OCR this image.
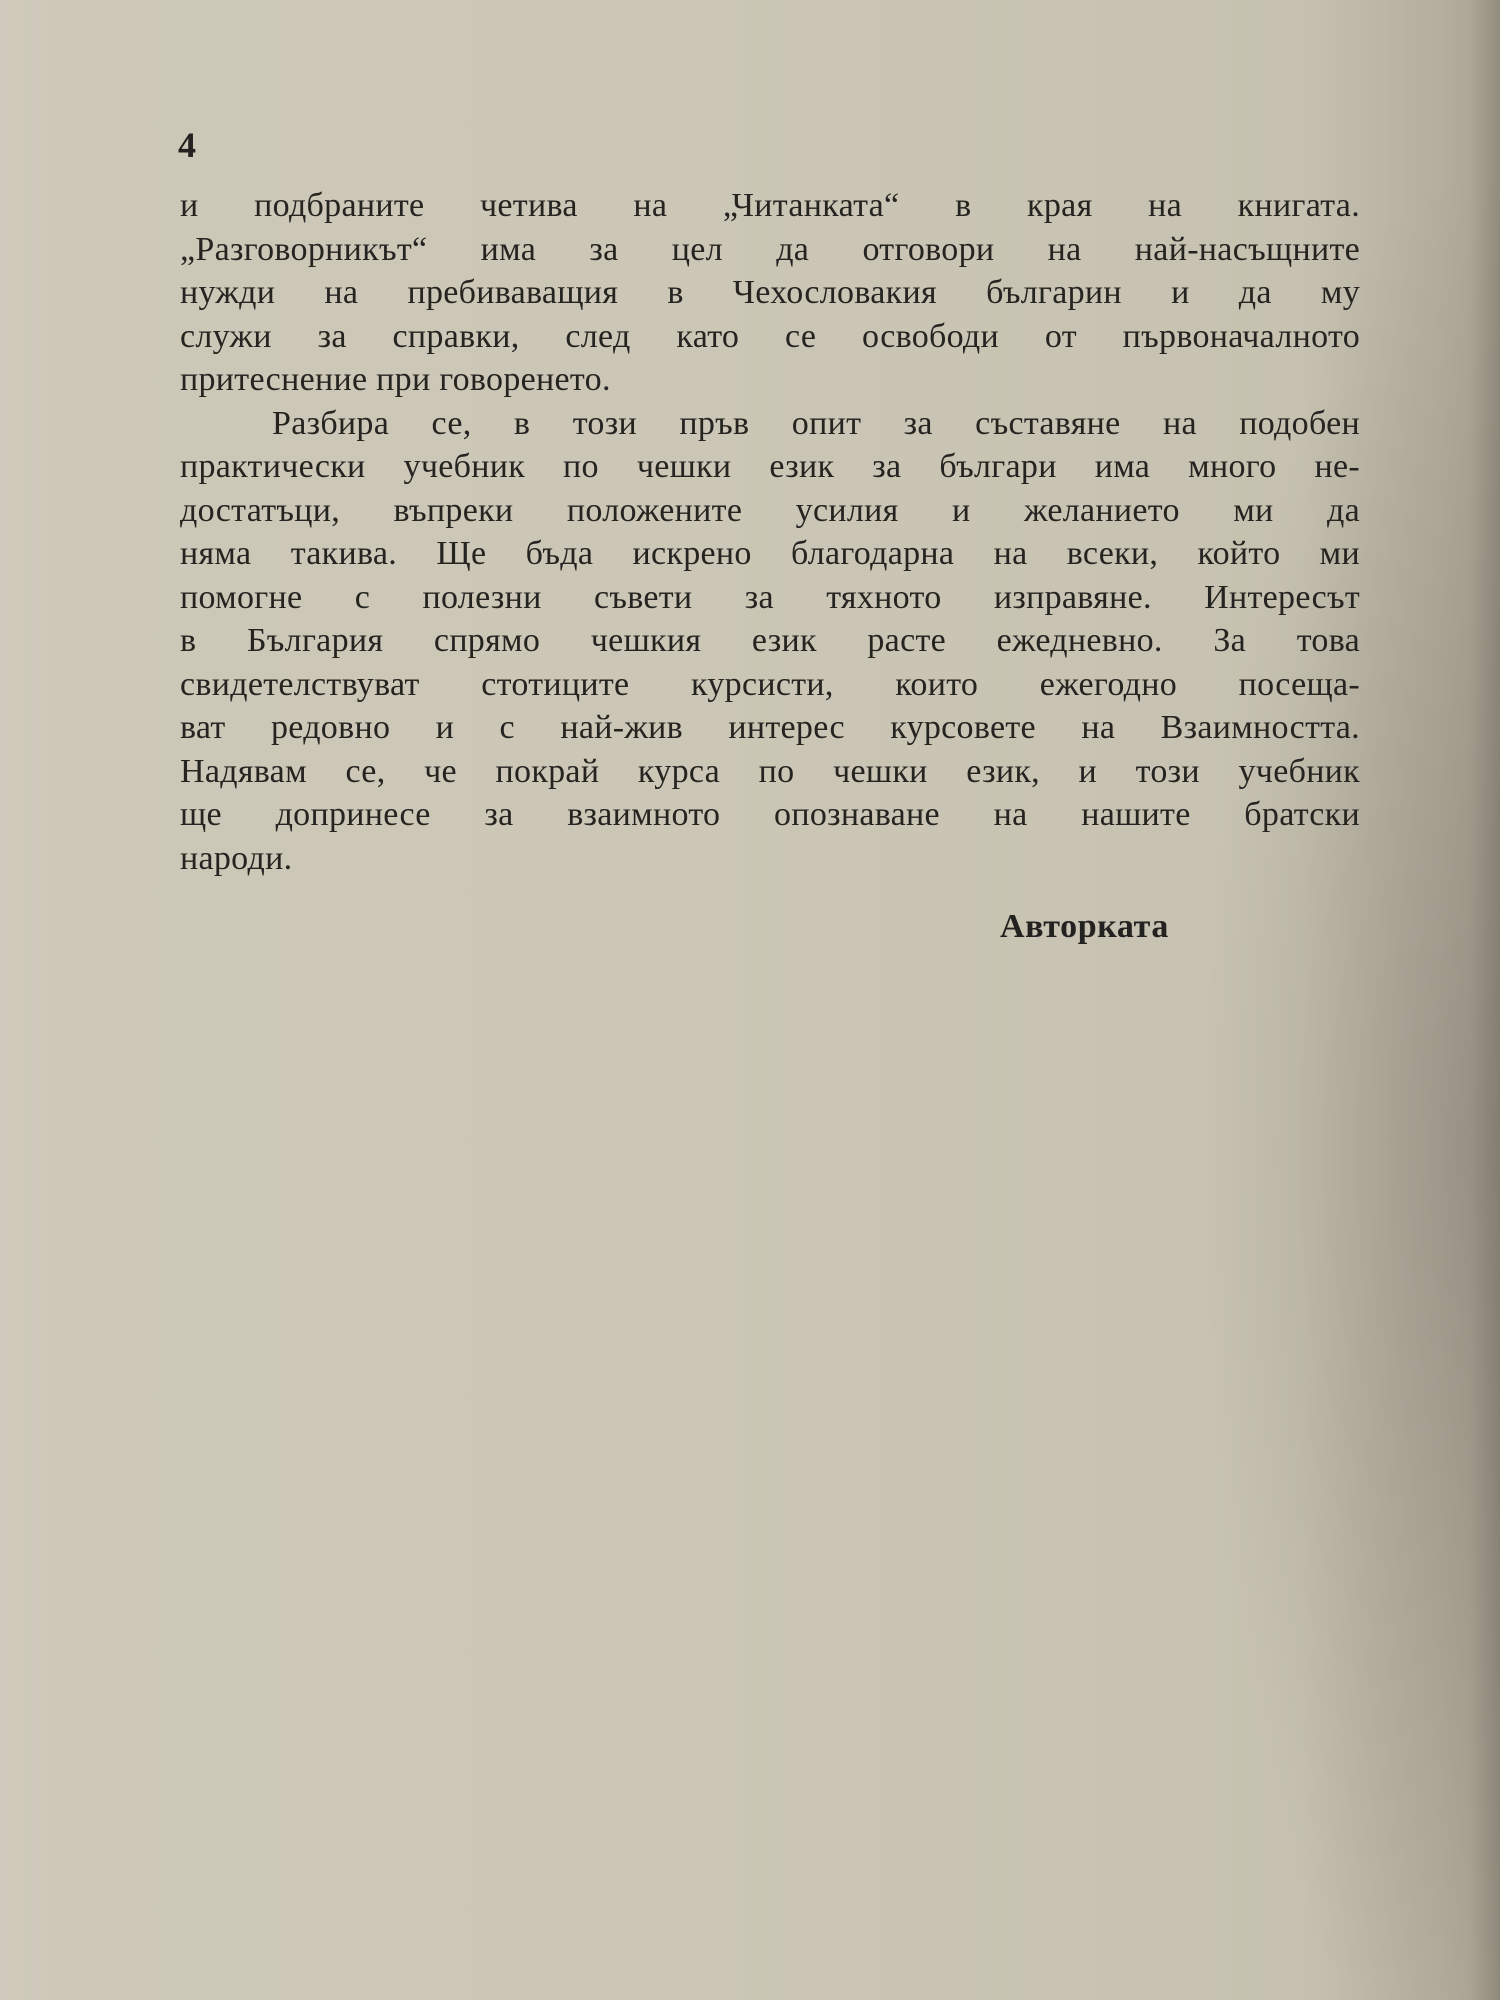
4
и подбраните четива на „Читанката“ в края на книгата.
„Разговорникът“ има за цел да отговори на най-насъщните
нужди на пребиваващия в Чехословакия българин и да му
служи за справки, след като се освободи от първоначалното
притеснение при говоренето.
Разбира се, в този пръв опит за съставяне на подобен
практически учебник по чешки език за българи има много не-
достатъци, въпреки положените усилия и желанието ми да
няма такива. Ще бъда искрено благодарна на всеки, който ми
помогне с полезни съвети за тяхното изправяне. Интересът
в България спрямо чешкия език расте ежедневно. За това
свидетелствуват стотиците курсисти, които ежегодно посеща-
ват редовно и с най-жив интерес курсовете на Взаимността.
Надявам се, че покрай курса по чешки език, и този учебник
ще допринесе за взаимното опознаване на нашите братски
народи.
Авторката
